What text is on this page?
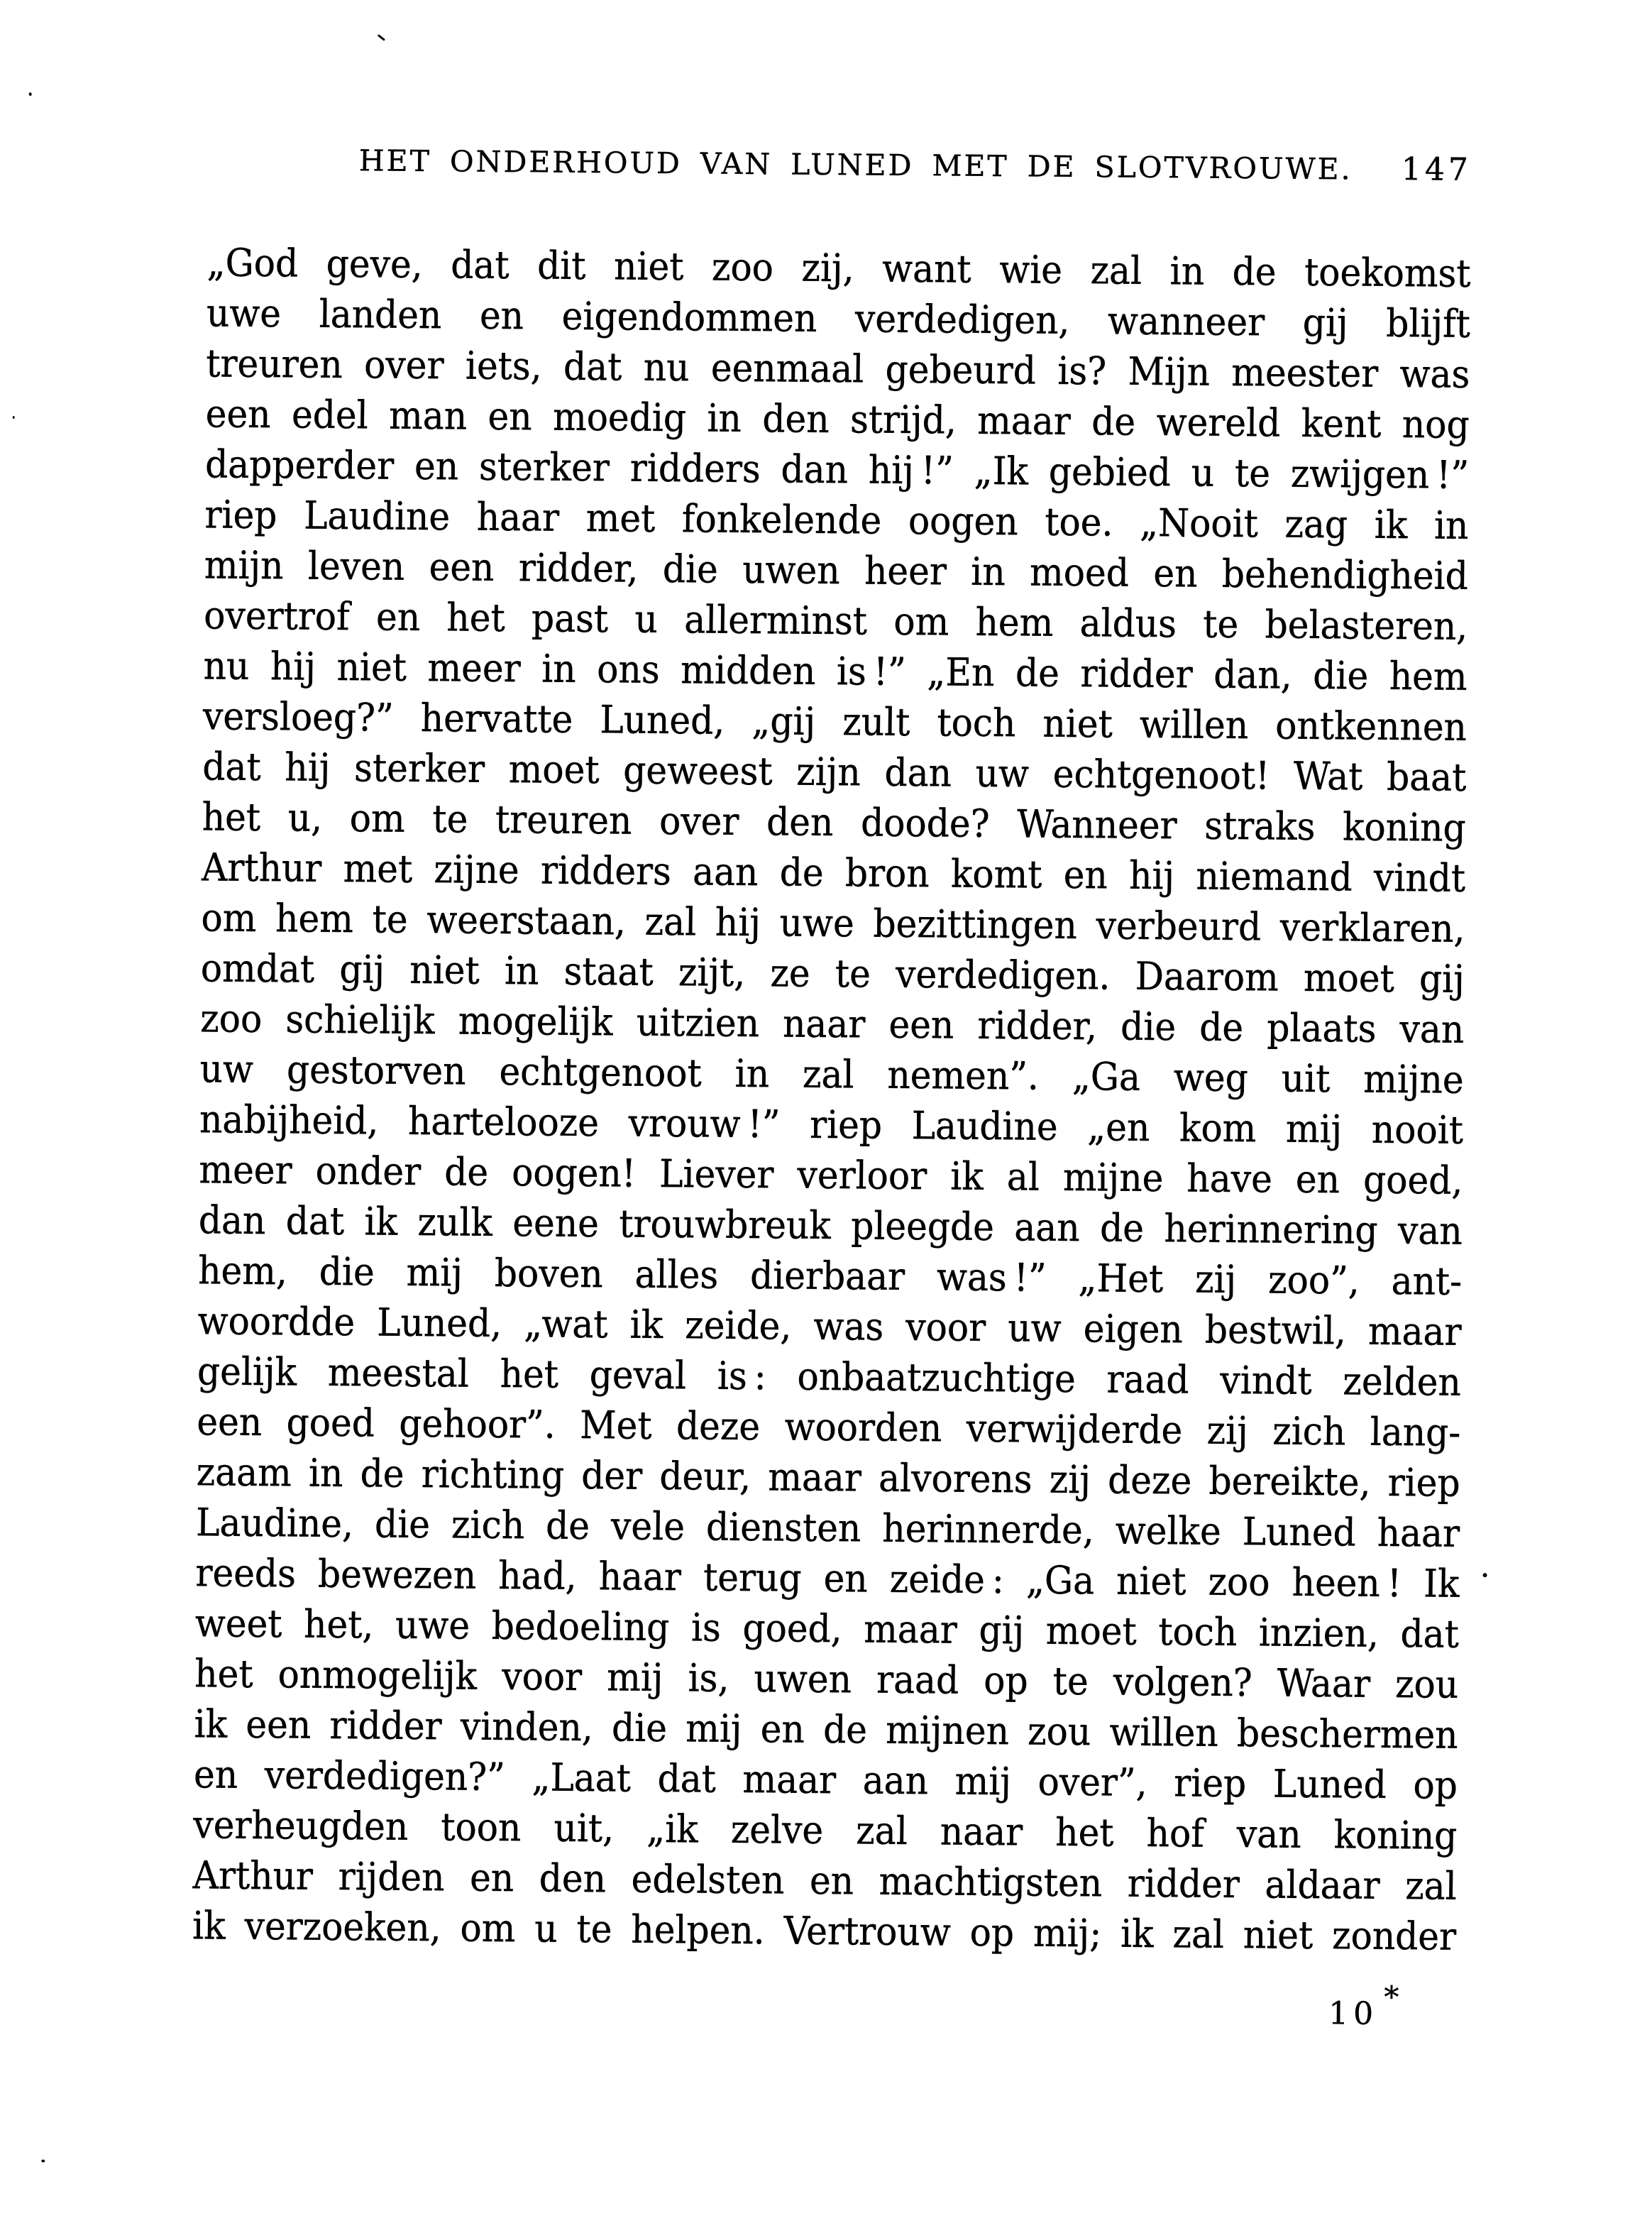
HET ONDERHOUD VAN LUNED MET DE SLOTVROUWE. 147
„God geve, dat dit niet zoo zij, want wie zal in de toekomst
uwe landen en eigendommen verdedigen, wanneer gij blijft
treuren over iets, dat nu eenmaal gebeurd is? Mijn meester was
een edel man en moedig in den strijd, maar de wereld kent nog
dapperder en sterker ridders dan hij !” „Ik gebied u te zwijgen !”
riep Laudine haar met fonkelende oogen toe. „Nooit zag ik in
mijn leven een ridder, die uwen heer in moed en behendigheid
overtrof en het past u allerminst om hem aldus te belasteren,
nu hij niet meer in ons midden is !” „En de ridder dan, die hem
versloeg?” hervatte Luned, „gij zult toch niet willen ontkennen
dat hij sterker moet geweest zijn dan uw echtgenoot! Wat baat
het u, om te treuren over den doode? Wanneer straks koning
Arthur met zijne ridders aan de bron komt en hij niemand vindt
om hem te weerstaan, zal hij uwe bezittingen verbeurd verklaren,
omdat gij niet in staat zijt, ze te verdedigen. Daarom moet gij
zoo schielijk mogelijk uitzien naar een ridder, die de plaats van
uw gestorven echtgenoot in zal nemen”. „Ga weg uit mijne
nabijheid, hartelooze vrouw !” riep Laudine „en kom mij nooit
meer onder de oogen! Liever verloor ik al mijne have en goed,
dan dat ik zulk eene trouwbreuk pleegde aan de herinnering van
hem, die mij boven alles dierbaar was !” „Het zij zoo”, ant-
woordde Luned, „wat ik zeide, was voor uw eigen bestwil, maar
gelijk meestal het geval is : onbaatzuchtige raad vindt zelden
een goed gehoor”. Met deze woorden verwijderde zij zich lang-
zaam in de richting der deur, maar alvorens zij deze bereikte, riep
Laudine, die zich de vele diensten herinnerde, welke Luned haar
reeds bewezen had, haar terug en zeide : „Ga niet zoo heen ! Ik
weet het, uwe bedoeling is goed, maar gij moet toch inzien, dat
het onmogelijk voor mij is, uwen raad op te volgen? Waar zou
ik een ridder vinden, die mij en de mijnen zou willen beschermen
en verdedigen?” „Laat dat maar aan mij over”, riep Luned op
verheugden toon uit, „ik zelve zal naar het hof van koning
Arthur rijden en den edelsten en machtigsten ridder aldaar zal
ik verzoeken, om u te helpen. Vertrouw op mij; ik zal niet zonder
10 *
